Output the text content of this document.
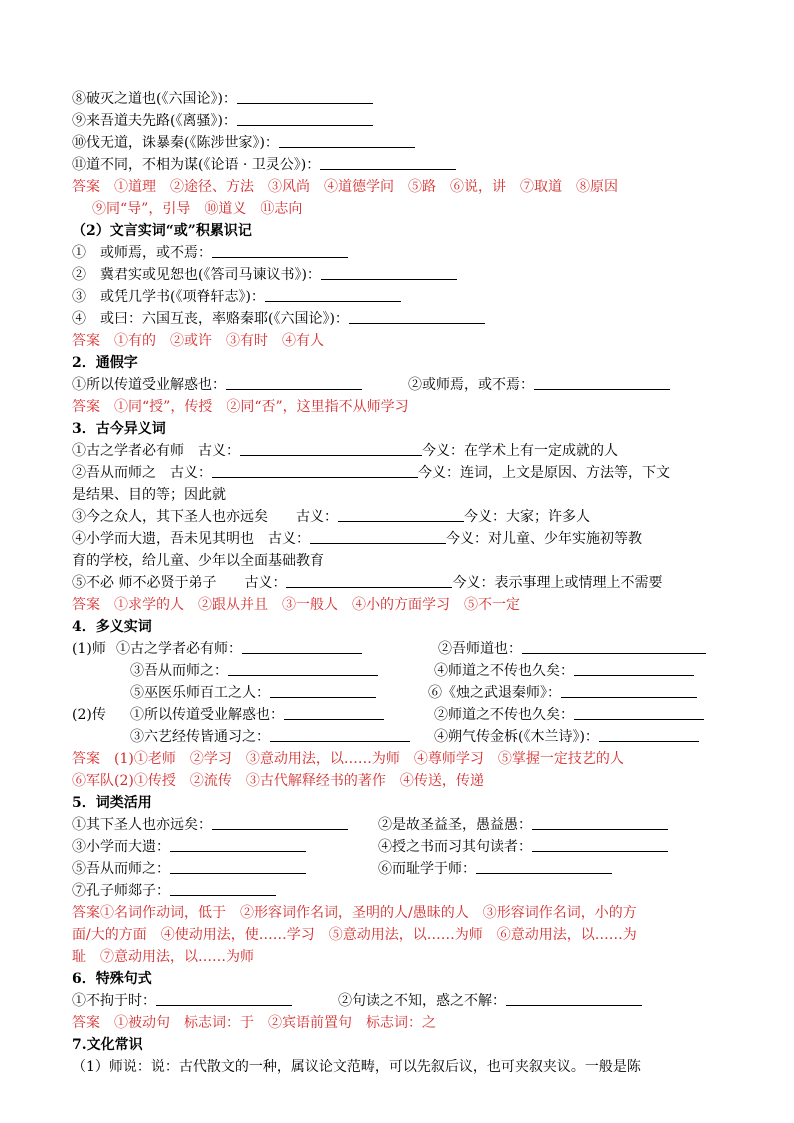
⑧破灭之道也(《六国论》)：
⑨来吾道夫先路(《离骚》)：
⑩伐无道，诛暴秦(《陈涉世家》)：
⑪道不同，不相为谋(《论语 · 卫灵公》)：
答案　 ①道理　②途径、方法　③风尚　④道德学问　⑤路　⑥说，讲　⑦取道　⑧原因
⑨同“导”，引导　⑩道义　⑪志向
（2）文言实词“或”积累识记
①　或师焉，或不焉：
②　冀君实或见恕也(《答司马谏议书》)：
③　或凭几学书(《项脊轩志》)：
④　或曰：六国互丧，率赂秦耶(《六国论》)：
答案　 ①有的　②或许　③有时　④有人
2．通假字
①所以传道受业解惑也：	②或师焉，或不焉：
答案　 ①同“授”，传授　②同“否”，这里指不从师学习
3．古今异义词
①古之学者必有师　古义：	今义：在学术上有一定成就的人
②吾从而师之　古义：	今义：连词，上文是原因、方法等，下文
是结果、目的等；因此就
③今之众人，其下圣人也亦远矣　　古义：	今义：大家；许多人
④小学而大遗，吾未见其明也　古义：	今义：对儿童、少年实施初等教
育的学校，给儿童、少年以全面基础教育
⑤不必 师不必贤于弟子　　古义：	今义：表示事理上或情理上不需要
答案　 ①求学的人　②跟从并且　③一般人　④小的方面学习　⑤不一定
4．多义实词
(1)师 ①古之学者必有师：	②吾师道也：
③吾从而师之：	④师道之不传也久矣：
⑤巫医乐师百工之人：	⑥《烛之武退秦师》：
(2)传 ①所以传道受业解惑也：	②师道之不传也久矣：
③六艺经传皆通习之：	④朔气传金柝(《木兰诗》)：
答案　 (1)①老师　②学习　③意动用法，以……为师　④尊师学习　⑤掌握一定技艺的人
⑥军队(2)①传授　②流传　③古代解释经书的著作　④传送，传递
5．词类活用
①其下圣人也亦远矣：	②是故圣益圣，愚益愚：
③小学而大遗：	④授之书而习其句读者：
⑤吾从而师之：	⑥而耻学于师：
⑦孔子师郯子：
答案①名词作动词，低于　②形容词作名词，圣明的人/愚昧的人　③形容词作名词，小的方
面/大的方面　④使动用法，使……学习　⑤意动用法，以……为师　⑥意动用法，以……为
耻　⑦意动用法，以……为师
6．特殊句式
①不拘于时：	②句读之不知，惑之不解：
答案　 ①被动句　标志词：于　②宾语前置句　标志词：之
7.文化常识
（1）师说：说：古代散文的一种，属议论文范畴，可以先叙后议，也可夹叙夹议。一般是陈
